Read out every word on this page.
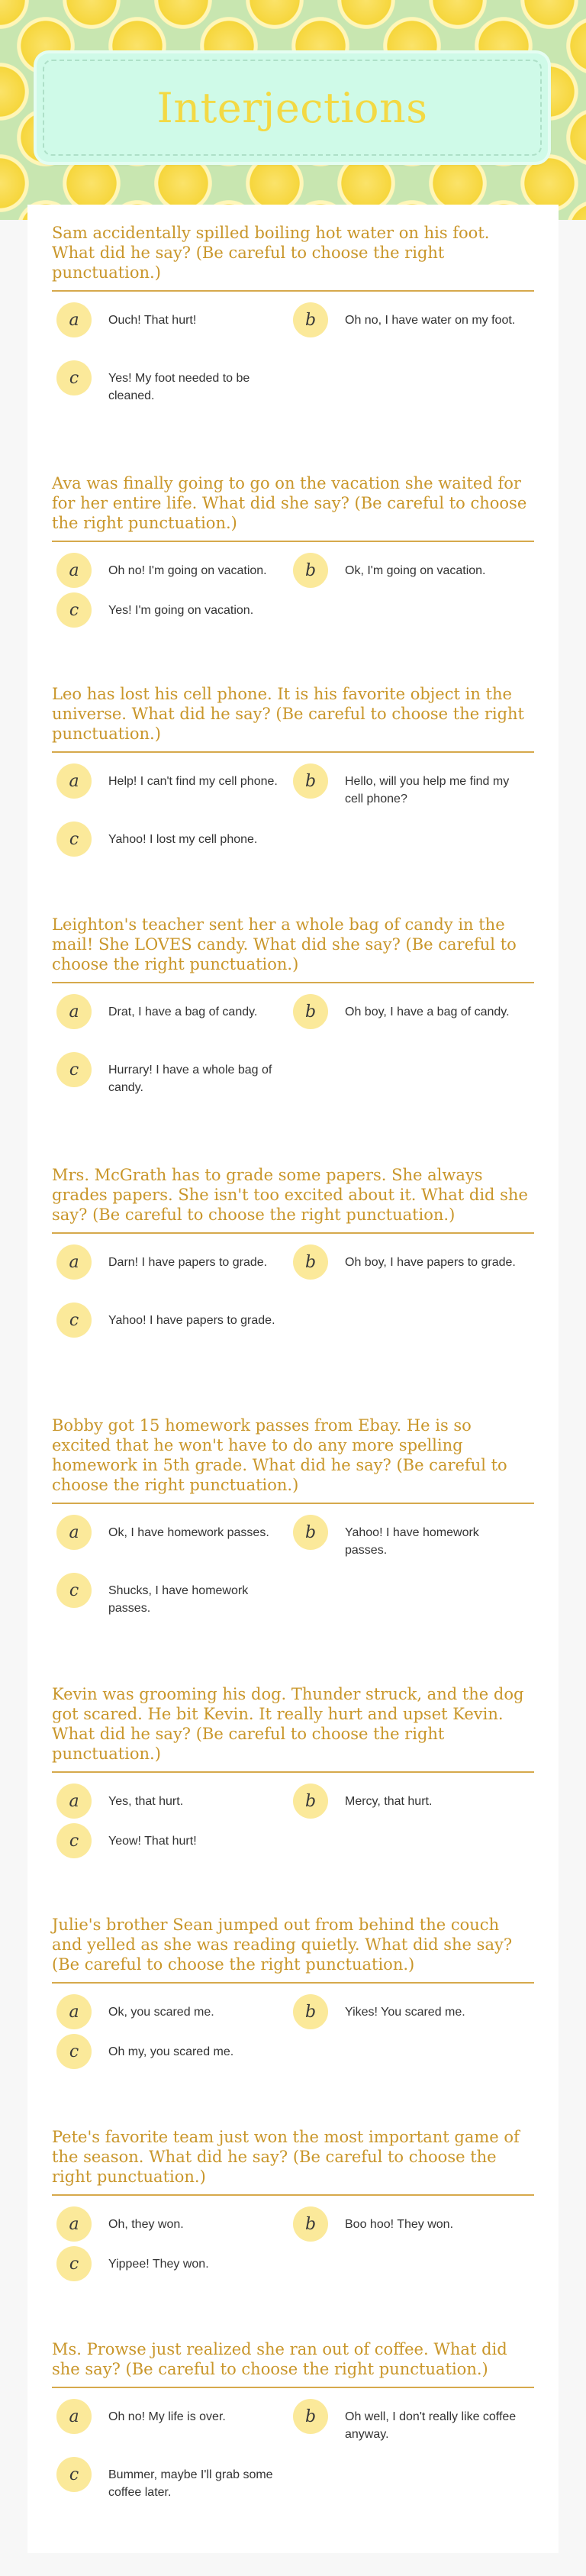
Interjections

Sam accidentally spilled boiling hot water on his foot. What did he say? (Be careful to choose the right punctuation.)

a	Ouch! That hurt!	b	Oh no, I have water on my foot.
c	Yes! My foot needed to be cleaned.

Ava was finally going to go on the vacation she waited for for her entire life. What did she say? (Be careful to choose the right punctuation.)

a	Oh no! I'm going on vacation.	b	Ok, I'm going on vacation.
c	Yes! I'm going on vacation.

Leo has lost his cell phone. It is his favorite object in the universe. What did he say? (Be careful to choose the right punctuation.)

a	Help! I can't find my cell phone.	b	Hello, will you help me find my cell phone?
c	Yahoo! I lost my cell phone.

Leighton's teacher sent her a whole bag of candy in the mail! She LOVES candy. What did she say? (Be careful to choose the right punctuation.)

a	Drat, I have a bag of candy.	b	Oh boy, I have a bag of candy.
c	Hurrary! I have a whole bag of candy.

Mrs. McGrath has to grade some papers. She always grades papers. She isn't too excited about it. What did she say? (Be careful to choose the right punctuation.)

a	Darn! I have papers to grade.	b	Oh boy, I have papers to grade.
c	Yahoo! I have papers to grade.

Bobby got 15 homework passes from Ebay. He is so excited that he won't have to do any more spelling homework in 5th grade. What did he say? (Be careful to choose the right punctuation.)

a	Ok, I have homework passes.	b	Yahoo! I have homework passes.
c	Shucks, I have homework passes.

Kevin was grooming his dog. Thunder struck, and the dog got scared. He bit Kevin. It really hurt and upset Kevin. What did he say? (Be careful to choose the right punctuation.)

a	Yes, that hurt.	b	Mercy, that hurt.
c	Yeow! That hurt!

Julie's brother Sean jumped out from behind the couch and yelled as she was reading quietly. What did she say? (Be careful to choose the right punctuation.)

a	Ok, you scared me.	b	Yikes! You scared me.
c	Oh my, you scared me.

Pete's favorite team just won the most important game of the season. What did he say? (Be careful to choose the right punctuation.)

a	Oh, they won.	b	Boo hoo! They won.
c	Yippee! They won.

Ms. Prowse just realized she ran out of coffee. What did she say? (Be careful to choose the right punctuation.)

a	Oh no! My life is over.	b	Oh well, I don't really like coffee anyway.
c	Bummer, maybe I'll grab some coffee later.
